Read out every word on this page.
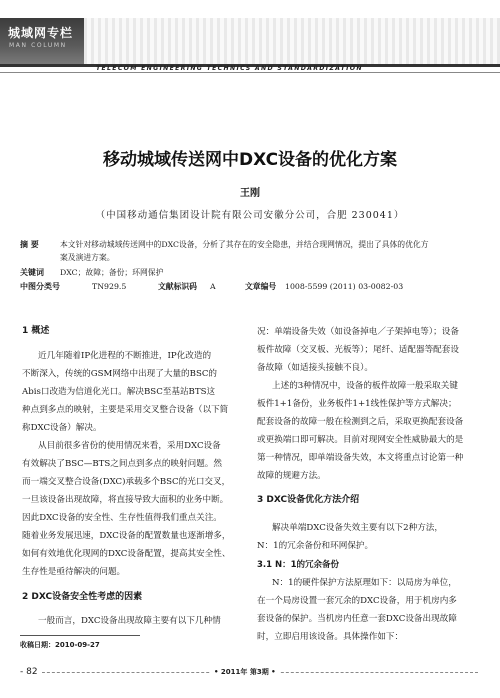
城域网专栏
MAN COLUMN
TELECOM ENGINEERING TECHNICS AND STANDARDIZATION
移动城域传送网中DXC设备的优化方案
王刚
（中国移动通信集团设计院有限公司安徽分公司，合肥 230041）
摘 要	本文针对移动城域传送网中的DXC设备，分析了其存在的安全隐患，并结合现网情况，提出了具体的优化方
案及演进方案。
关键词 DXC；故障；备份；环网保护
中图分类号	TN929.5	文献标识码 A	文章编号 1008-5599 (2011) 03-0082-03
1 概述
近几年随着IP化进程的不断推进，IP化改造的
不断深入，传统的GSM网络中出现了大量的BSC的
Abis口改造为信道化光口。解决BSC至基站BTS这
种点到多点的映射，主要是采用交叉整合设备（以下简
称DXC设备）解决。
从目前很多省份的使用情况来看，采用DXC设备
有效解决了BSC—BTS之间点到多点的映射问题。然
而一端交叉整合设备(DXC)承载多个BSC的光口交叉，
一旦该设备出现故障，将直接导致大面积的业务中断。
因此DXC设备的安全性、生存性值得我们重点关注。
随着业务发展迅速，DXC设备的配置数量也逐渐增多，
如何有效地优化现网的DXC设备配置，提高其安全性、
生存性是亟待解决的问题。
2 DXC设备安全性考虑的因素
一般而言，DXC设备出现故障主要有以下几种情
况：单端设备失效（如设备掉电／子架掉电等）；设备
板件故障（交叉板、光板等）；尾纤、适配器等配套设
备故障（如适接头接触不良）。
上述的3种情况中，设备的板件故障一般采取关键
板件1+1备份，业务板件1+1线性保护等方式解决；
配套设备的故障一般在检测到之后，采取更换配套设备
或更换端口即可解决。目前对现网安全性威胁最大的是
第一种情况，即单端设备失效，本文将重点讨论第一种
故障的规避方法。
3 DXC设备优化方法介绍
解决单端DXC设备失效主要有以下2种方法，
N：1的冗余备份和环网保护。
3.1 N：1的冗余备份
N：1的硬件保护方法原理如下：以局房为单位，
在一个局房设置一套冗余的DXC设备，用于机房内多
套设备的保护。当机房内任意一套DXC设备出现故障
时，立即启用该设备。具体操作如下：
收稿日期：2010-09-27
- 82	• 2011年 第3期 •
